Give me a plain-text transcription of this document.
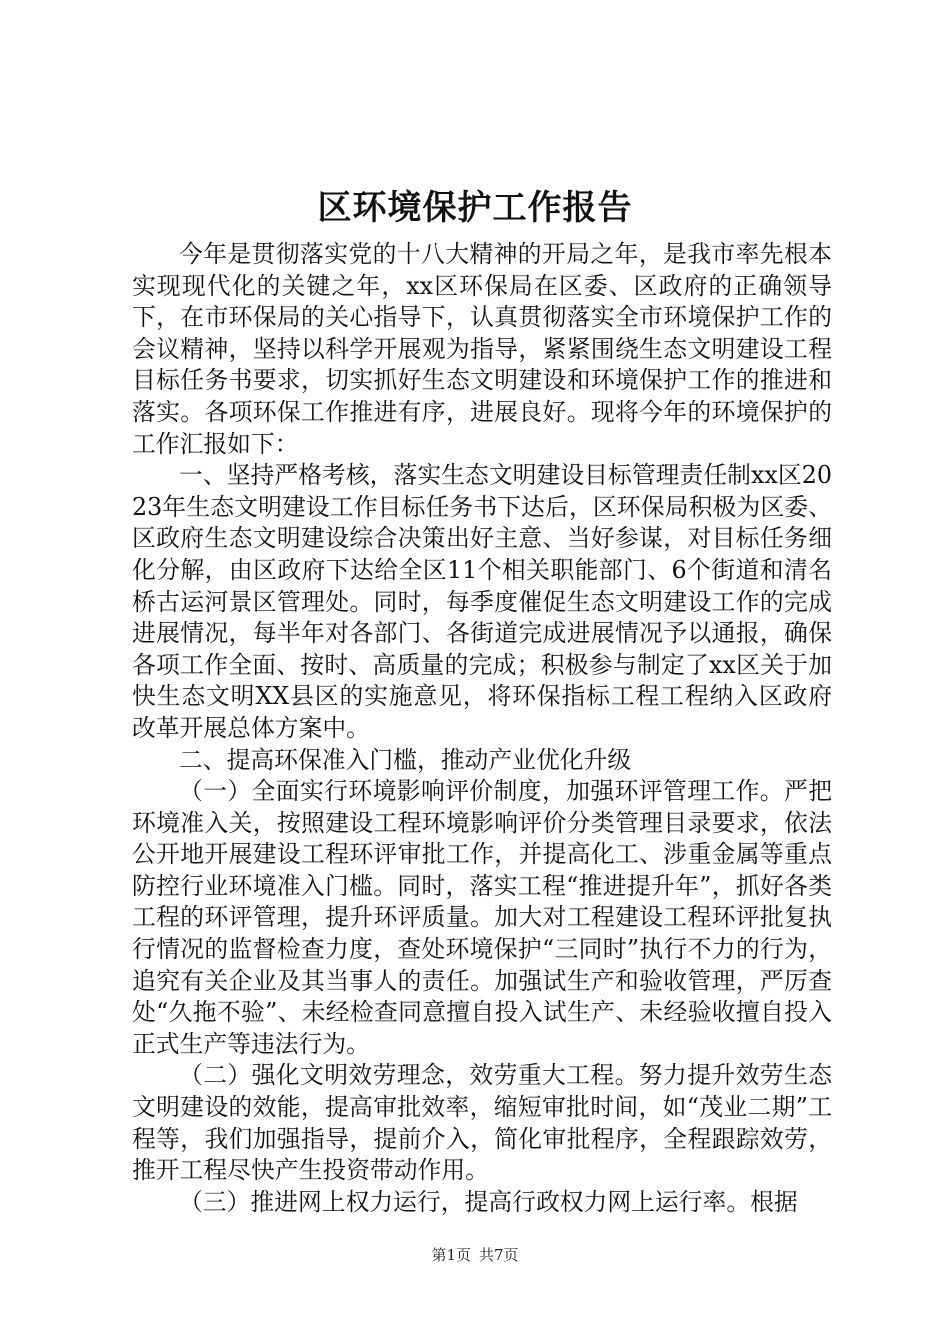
区环境保护工作报告

今年是贯彻落实党的十八大精神的开局之年，是我市率先根本实现现代化的关键之年，xx区环保局在区委、区政府的正确领导下，在市环保局的关心指导下，认真贯彻落实全市环境保护工作的会议精神，坚持以科学开展观为指导，紧紧围绕生态文明建设工程目标任务书要求，切实抓好生态文明建设和环境保护工作的推进和落实。各项环保工作推进有序，进展良好。现将今年的环境保护的工作汇报如下：

一、坚持严格考核，落实生态文明建设目标管理责任制xx区2023年生态文明建设工作目标任务书下达后，区环保局积极为区委、区政府生态文明建设综合决策出好主意、当好参谋，对目标任务细化分解，由区政府下达给全区11个相关职能部门、6个街道和清名桥古运河景区管理处。同时，每季度催促生态文明建设工作的完成进展情况，每半年对各部门、各街道完成进展情况予以通报，确保各项工作全面、按时、高质量的完成；积极参与制定了xx区关于加快生态文明XX县区的实施意见，将环保指标工程工程纳入区政府改革开展总体方案中。

二、提高环保准入门槛，推动产业优化升级

（一）全面实行环境影响评价制度，加强环评管理工作。严把环境准入关，按照建设工程环境影响评价分类管理目录要求，依法公开地开展建设工程环评审批工作，并提高化工、涉重金属等重点防控行业环境准入门槛。同时，落实工程“推进提升年”，抓好各类工程的环评管理，提升环评质量。加大对工程建设工程环评批复执行情况的监督检查力度，查处环境保护“三同时”执行不力的行为，追究有关企业及其当事人的责任。加强试生产和验收管理，严厉查处“久拖不验”、未经检查同意擅自投入试生产、未经验收擅自投入正式生产等违法行为。

（二）强化文明效劳理念，效劳重大工程。努力提升效劳生态文明建设的效能，提高审批效率，缩短审批时间，如“茂业二期”工程等，我们加强指导，提前介入，简化审批程序，全程跟踪效劳，推开工程尽快产生投资带动作用。

（三）推进网上权力运行，提高行政权力网上运行率。根据

第1页 共7页
